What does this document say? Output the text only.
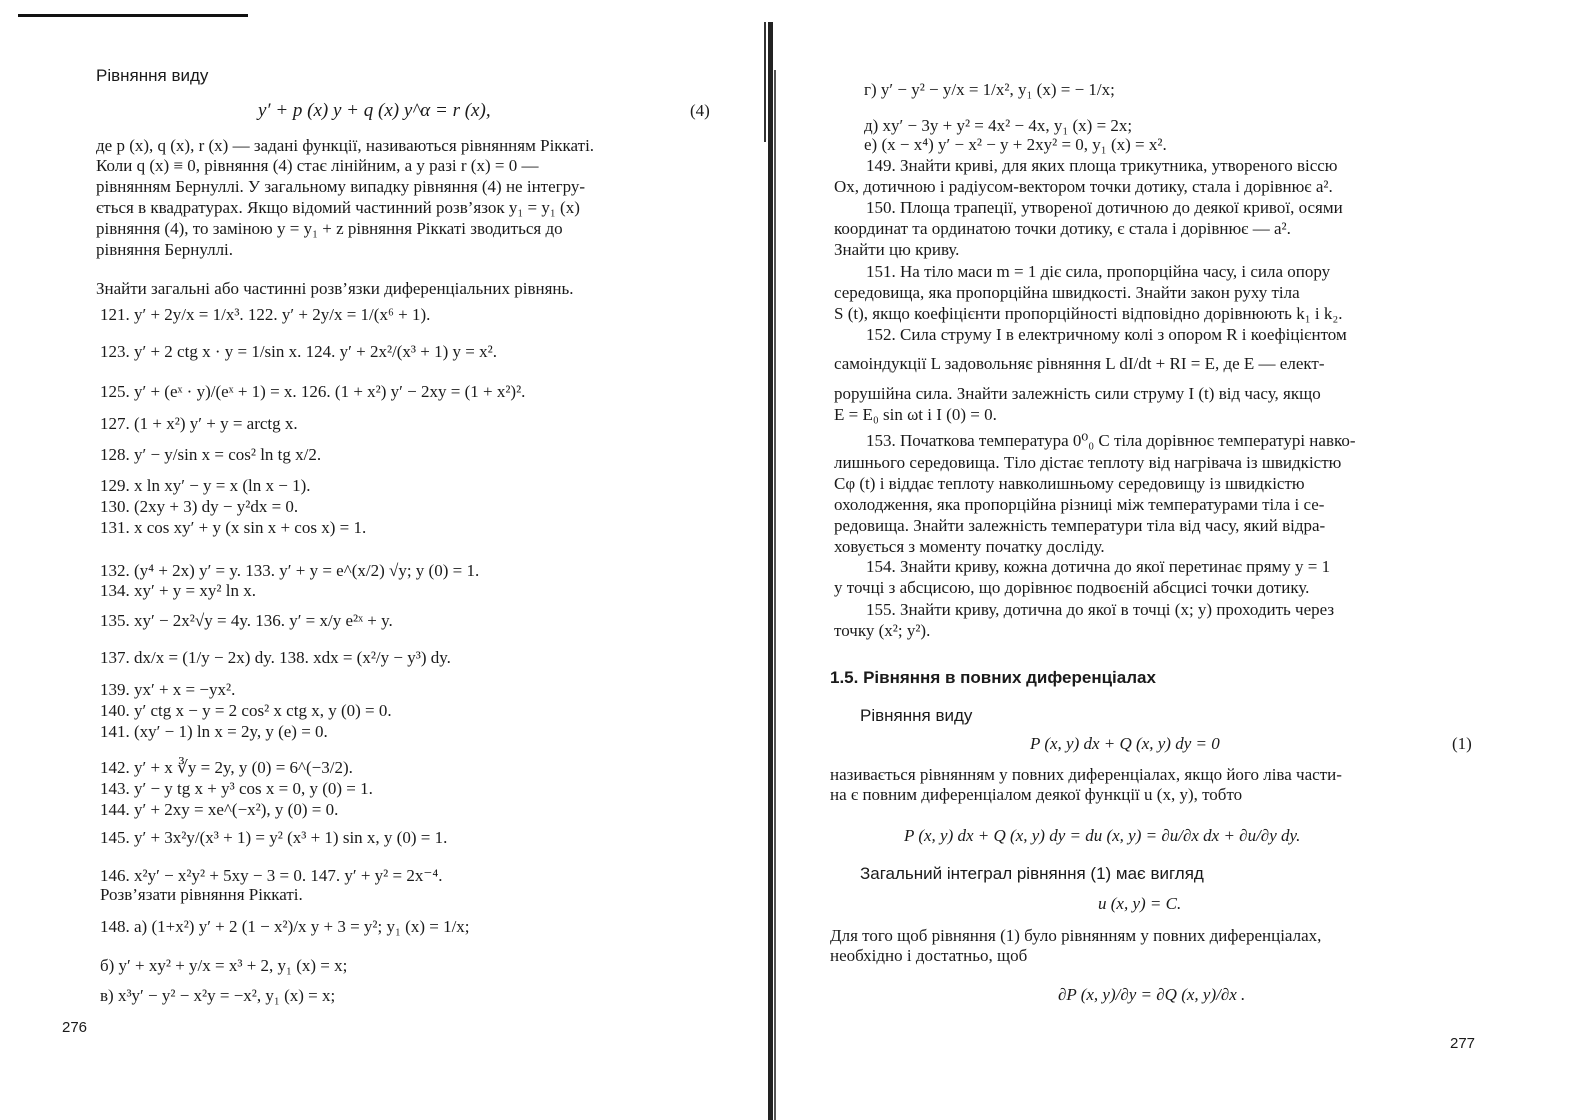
Рівняння виду
y′ + p (x) y + q (x) y^α = r (x),	(4)
де p (x), q (x), r (x) — задані функції, називаються рівнянням Ріккаті.
Коли q (x) ≡ 0, рівняння (4) стає лінійним, а у разі r (x) = 0 —
рівнянням Бернуллі. У загальному випадку рівняння (4) не інтегру-
ється в квадратурах. Якщо відомий частинний розв’язок y₁ = y₁ (x)
рівняння (4), то заміною y = y₁ + z рівняння Ріккаті зводиться до
рівняння Бернуллі.
Знайти загальні або частинні розв’язки диференціальних рівнянь.
121. y′ + 2y/x = 1/x³. 122. y′ + 2y/x = 1/(x⁶ + 1).
123. y′ + 2 ctg x · y = 1/sin x. 124. y′ + 2x²/(x³ + 1) y = x².
125. y′ + (eˣ · y)/(eˣ + 1) = x. 126. (1 + x²) y′ − 2xy = (1 + x²)².
127. (1 + x²) y′ + y = arctg x.
128. y′ − y/sin x = cos² ln tg x/2.
129. x ln xy′ − y = x (ln x − 1).
130. (2xy + 3) dy − y²dx = 0.
131. x cos xy′ + y (x sin x + cos x) = 1.
132. (y⁴ + 2x) y′ = y. 133. y′ + y = e^(x/2) √y; y (0) = 1.
134. xy′ + y = xy² ln x.
135. xy′ − 2x²√y = 4y. 136. y′ = x/y e²ˣ + y.
137. dx/x = (1/y − 2x) dy. 138. xdx = (x²/y − y³) dy.
139. yx′ + x = −yx².
140. y′ ctg x − y = 2 cos² x ctg x, y (0) = 0.
141. (xy′ − 1) ln x = 2y, y (e) = 0.
142. y′ + x ∛y = 2y, y (0) = 6^(−3/2).
143. y′ − y tg x + y³ cos x = 0, y (0) = 1.
144. y′ + 2xy = xe^(−x²), y (0) = 0.
145. y′ + 3x²y/(x³ + 1) = y² (x³ + 1) sin x, y (0) = 1.
146. x²y′ − x²y² + 5xy − 3 = 0. 147. y′ + y² = 2x⁻⁴.
Розв’язати рівняння Ріккаті.
148. а) (1+x²) y′ + 2 (1 − x²)/x y + 3 = y²; y₁ (x) = 1/x;
б) y′ + xy² + y/x = x³ + 2, y₁ (x) = x;
в) x³y′ − y² − x²y = −x², y₁ (x) = x;
276
г) y′ − y² − y/x = 1/x², y₁ (x) = − 1/x;
д) xy′ − 3y + y² = 4x² − 4x, y₁ (x) = 2x;
е) (x − x⁴) y′ − x² − y + 2xy² = 0, y₁ (x) = x².
149. Знайти криві, для яких площа трикутника, утвореного віссю
Ox, дотичною і радіусом-вектором точки дотику, стала і дорівнює a².
150. Площа трапеції, утвореної дотичною до деякої кривої, осями
координат та ординатою точки дотику, є стала і дорівнює — a².
Знайти цю криву.
151. На тіло маси m = 1 діє сила, пропорційна часу, і сила опору
середовища, яка пропорційна швидкості. Знайти закон руху тіла
S (t), якщо коефіцієнти пропорційності відповідно дорівнюють k₁ і k₂.
152. Сила струму I в електричному колі з опором R і коефіцієнтом
самоіндукції L задовольняє рівняння L dI/dt + RI = E, де E — елект-
рорушійна сила. Знайти залежність сили струму I (t) від часу, якщо
E = E₀ sin ωt і I (0) = 0.
153. Початкова температура 0⁰₀ C тіла дорівнює температурі навко-
лишнього середовища. Тіло дістає теплоту від нагрівача із швидкістю
Cφ (t) і віддає теплоту навколишньому середовищу із швидкістю
охолодження, яка пропорційна різниці між температурами тіла і се-
редовища. Знайти залежність температури тіла від часу, який відра-
ховується з моменту початку досліду.
154. Знайти криву, кожна дотична до якої перетинає пряму y = 1
у точці з абсцисою, що дорівнює подвоєній абсцисі точки дотику.
155. Знайти криву, дотична до якої в точці (x; y) проходить через
точку (x²; y²).
1.5. Рівняння в повних диференціалах
Рівняння виду
P (x, y) dx + Q (x, y) dy = 0	(1)
називається рівнянням у повних диференціалах, якщо його ліва части-
на є повним диференціалом деякої функції u (x, y), тобто
P (x, y) dx + Q (x, y) dy = du (x, y) = ∂u/∂x dx + ∂u/∂y dy.
Загальний інтеграл рівняння (1) має вигляд
u (x, y) = C.
Для того щоб рівняння (1) було рівнянням у повних диференціалах,
необхідно і достатньо, щоб
∂P (x, y)/∂y = ∂Q (x, y)/∂x .
277
